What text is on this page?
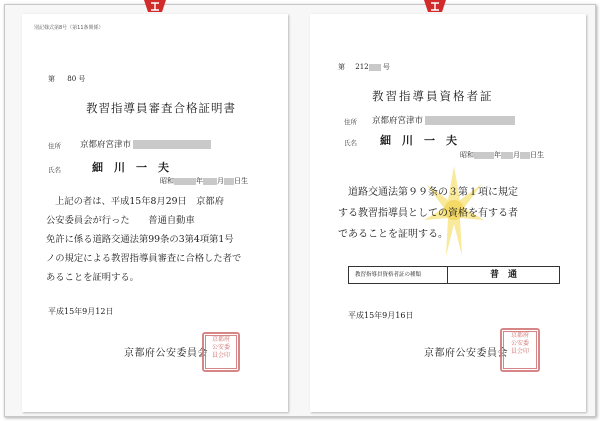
別記様式第8号（第11条関係）
第 80 号
教習指導員審査合格証明書
住所 京都府宮津市
氏名	細　川　一　夫
昭和	年 月 日生
上記の者は、平成15年8月29日　京都府
公安委員会が行った　　普通自動車
免許に係る道路交通法第99条の3第4項第1号
ノの規定による教習指導員審査に合格した者で
あることを証明する。
平成15年9月12日
京都府公安委員会
京都府
公安委
員会印
第 212 号
教習指導員資格者証
住所 京都府宮津市
氏名 細　川　一　夫
昭和	年 月 日生
道路交通法第９９条の３第１項に規定
する教習指導員としての資格を有する者
であることを証明する。
教習指導員資格者証の種類	普　通
平成15年9月16日
京都府公安委員会
京都府
公安委
員会印
